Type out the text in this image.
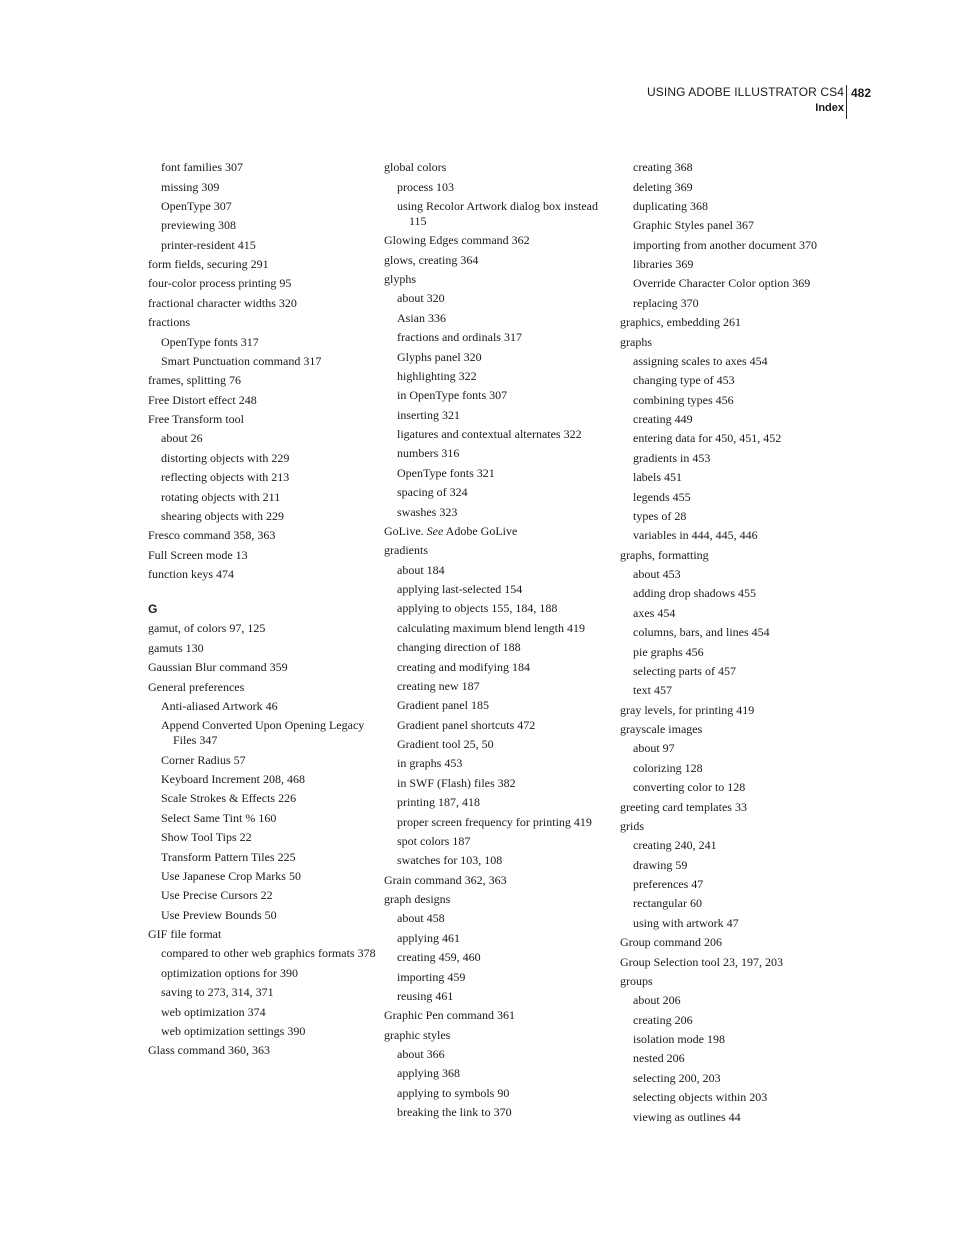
USING ADOBE ILLUSTRATOR CS4
Index
482
font families 307
missing 309
OpenType 307
previewing 308
printer-resident 415
form fields, securing 291
four-color process printing 95
fractional character widths 320
fractions
OpenType fonts 317
Smart Punctuation command 317
frames, splitting 76
Free Distort effect 248
Free Transform tool
about 26
distorting objects with 229
reflecting objects with 213
rotating objects with 211
shearing objects with 229
Fresco command 358, 363
Full Screen mode 13
function keys 474
G
gamut, of colors 97, 125
gamuts 130
Gaussian Blur command 359
General preferences
Anti-aliased Artwork 46
Append Converted Upon Opening Legacy Files 347
Corner Radius 57
Keyboard Increment 208, 468
Scale Strokes & Effects 226
Select Same Tint % 160
Show Tool Tips 22
Transform Pattern Tiles 225
Use Japanese Crop Marks 50
Use Precise Cursors 22
Use Preview Bounds 50
GIF file format
compared to other web graphics formats 378
optimization options for 390
saving to 273, 314, 371
web optimization 374
web optimization settings 390
Glass command 360, 363
global colors
process 103
using Recolor Artwork dialog box instead 115
Glowing Edges command 362
glows, creating 364
glyphs
about 320
Asian 336
fractions and ordinals 317
Glyphs panel 320
highlighting 322
in OpenType fonts 307
inserting 321
ligatures and contextual alternates 322
numbers 316
OpenType fonts 321
spacing of 324
swashes 323
GoLive. See Adobe GoLive
gradients
about 184
applying last-selected 154
applying to objects 155, 184, 188
calculating maximum blend length 419
changing direction of 188
creating and modifying 184
creating new 187
Gradient panel 185
Gradient panel shortcuts 472
Gradient tool 25, 50
in graphs 453
in SWF (Flash) files 382
printing 187, 418
proper screen frequency for printing 419
spot colors 187
swatches for 103, 108
Grain command 362, 363
graph designs
about 458
applying 461
creating 459, 460
importing 459
reusing 461
Graphic Pen command 361
graphic styles
about 366
applying 368
applying to symbols 90
breaking the link to 370
creating 368
deleting 369
duplicating 368
Graphic Styles panel 367
importing from another document 370
libraries 369
Override Character Color option 369
replacing 370
graphics, embedding 261
graphs
assigning scales to axes 454
changing type of 453
combining types 456
creating 449
entering data for 450, 451, 452
gradients in 453
labels 451
legends 455
types of 28
variables in 444, 445, 446
graphs, formatting
about 453
adding drop shadows 455
axes 454
columns, bars, and lines 454
pie graphs 456
selecting parts of 457
text 457
gray levels, for printing 419
grayscale images
about 97
colorizing 128
converting color to 128
greeting card templates 33
grids
creating 240, 241
drawing 59
preferences 47
rectangular 60
using with artwork 47
Group command 206
Group Selection tool 23, 197, 203
groups
about 206
creating 206
isolation mode 198
nested 206
selecting 200, 203
selecting objects within 203
viewing as outlines 44
